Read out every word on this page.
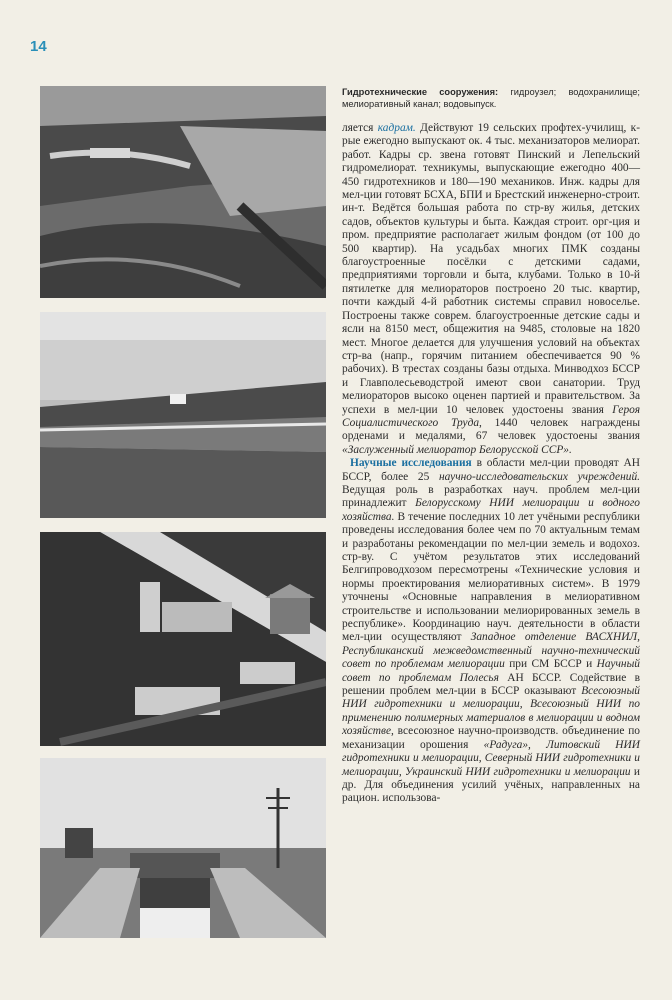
14
Гидротехнические сооружения: гидроузел; водохранилище; мелиоративный канал; водовыпуск.

ляется кадрам. Действуют 19 сельских профтех-училищ, к-рые ежегодно выпускают ок. 4 тыс. механизаторов мелиорат. работ. Кадры ср. звена готовят Пинский и Лепельский гидромелиорат. техникумы, выпускающие ежегодно 400—450 гидротехников и 180—190 механиков. Инж. кадры для мел-ции готовят БСХА, БПИ и Брестский инженерно-строит. ин-т. Ведётся большая работа по стр-ву жилья, детских садов, объектов культуры и быта. Каждая строит. орг-ция и пром. предприятие располагает жилым фондом (от 100 до 500 квартир). На усадьбах многих ПМК созданы благоустроенные посёлки с детскими садами, предприятиями торговли и быта, клубами. Только в 10-й пятилетке для мелиораторов построено 20 тыс. квартир, почти каждый 4-й работник системы справил новоселье. Построены также соврем. благоустроенные детские сады и ясли на 8150 мест, общежития на 9485, столовые на 1820 мест. Многое делается для улучшения условий на объектах стр-ва (напр., горячим питанием обеспечивается 90 % рабочих). В трестах созданы базы отдыха. Минводхоз БССР и Главполесьеводстрой имеют свои санатории. Труд мелиораторов высоко оценен партией и правительством. За успехи в мел-ции 10 человек удостоены звания Героя Социалистического Труда, 1440 человек награждены орденами и медалями, 67 человек удостоены звания «Заслуженный мелиоратор Белорусской ССР».

Научные исследования в области мел-ции проводят АН БССР, более 25 научно-исследовательских учреждений. Ведущая роль в разработках науч. проблем мел-ции принадлежит Белорусскому НИИ мелиорации и водного хозяйства. В течение последних 10 лет учёными республики проведены исследования более чем по 70 актуальным темам и разработаны рекомендации по мел-ции земель и водохоз. стр-ву. С учётом результатов этих исследований Белгипроводхозом пересмотрены «Технические условия и нормы проектирования мелиоративных систем». В 1979 уточнены «Основные направления в мелиоративном строительстве и использовании мелиорированных земель в республике». Координацию науч. деятельности в области мел-ции осуществляют Западное отделение ВАСХНИЛ, Республиканский межведомственный научно-технический совет по проблемам мелиорации при СМ БССР и Научный совет по проблемам Полесья АН БССР. Содействие в решении проблем мел-ции в БССР оказывают Всесоюзный НИИ гидротехники и мелиорации, Всесоюзный НИИ по применению полимерных материалов в мелиорации и водном хозяйстве, всесоюзное научно-производств. объединение по механизации орошения «Радуга», Литовский НИИ гидротехники и мелиорации, Северный НИИ гидротехники и мелиорации, Украинский НИИ гидротехники и мелиорации и др. Для объединения усилий учёных, направленных на рацион. использова-
